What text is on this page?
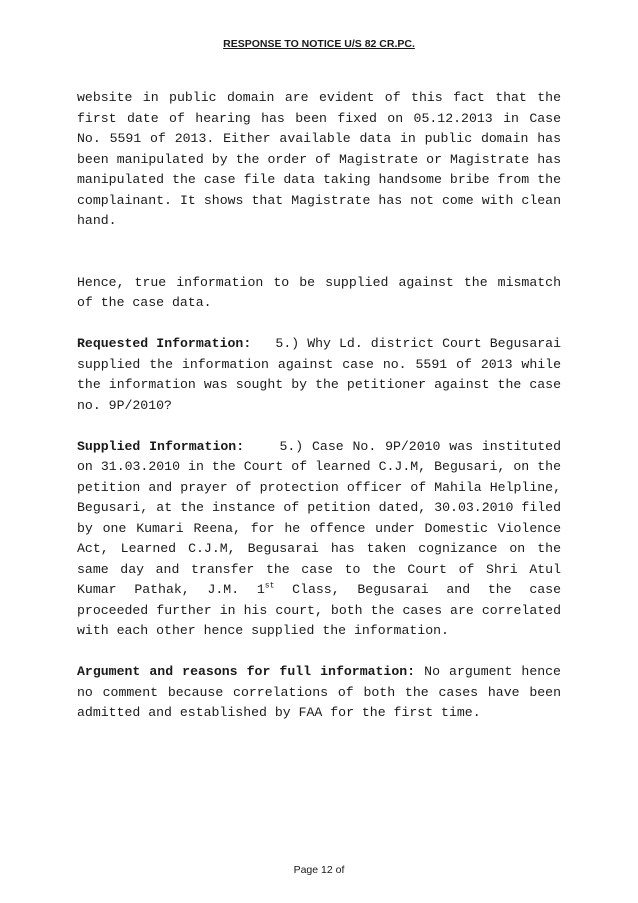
RESPONSE TO NOTICE U/S 82 CR.PC.

website in public domain are evident of this fact that the first date of hearing has been fixed on 05.12.2013 in Case No. 5591 of 2013. Either available data in public domain has been manipulated by the order of Magistrate or Magistrate has manipulated the case file data taking handsome bribe from the complainant. It shows that Magistrate has not come with clean hand.

Hence, true information to be supplied against the mismatch of the case data.

Requested Information: 5.) Why Ld. district Court Begusarai supplied the information against case no. 5591 of 2013 while the information was sought by the petitioner against the case no. 9P/2010?

Supplied Information:	5.) Case No. 9P/2010 was instituted on 31.03.2010 in the Court of learned C.J.M, Begusari, on the petition and prayer of protection officer of Mahila Helpline, Begusari, at the instance of petition dated, 30.03.2010 filed by one Kumari Reena, for he offence under Domestic Violence Act, Learned C.J.M, Begusarai has taken cognizance on the same day and transfer the case to the Court of Shri Atul Kumar Pathak, J.M. 1st Class, Begusarai and the case proceeded further in his court, both the cases are correlated with each other hence supplied the information.

Argument and reasons for full information: No argument hence no comment because correlations of both the cases have been admitted and established by FAA for the first time.

Page 12 of
